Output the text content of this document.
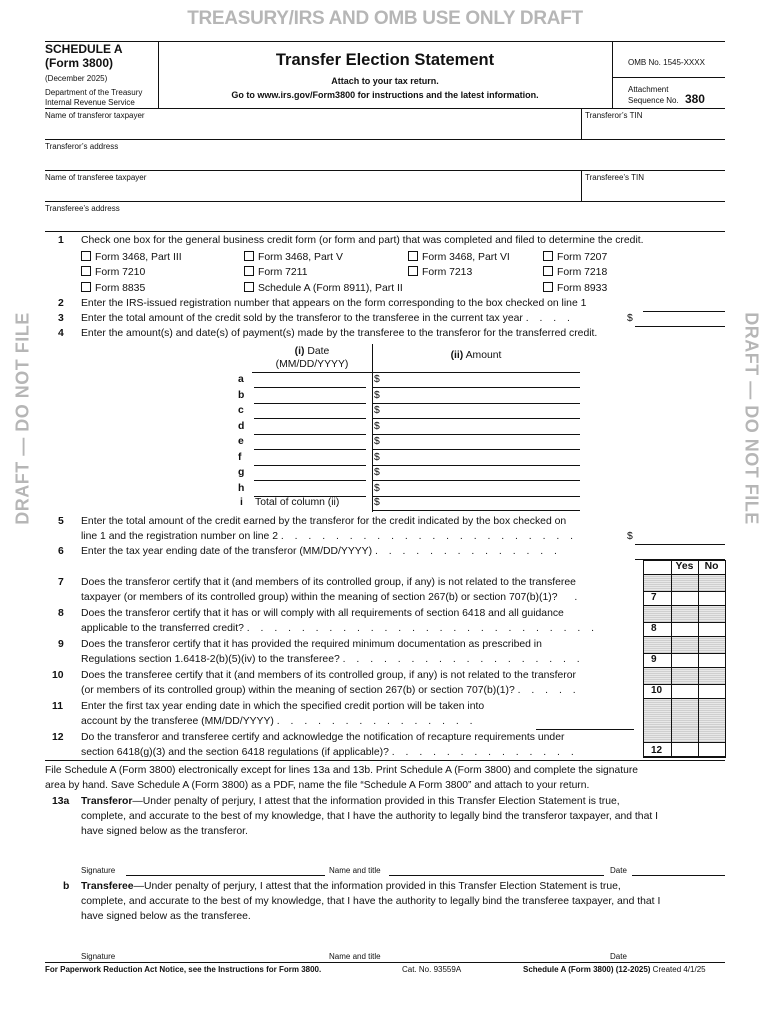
TREASURY/IRS AND OMB USE ONLY DRAFT
DRAFT — DO NOT FILE	DRAFT — DO NOT FILE
SCHEDULE A
(Form 3800)
(December 2025)
Department of the Treasury
Internal Revenue Service
Transfer Election Statement
Attach to your tax return.
Go to www.irs.gov/Form3800 for instructions and the latest information.
OMB No. 1545-XXXX
Attachment
Sequence No. 380
Name of transferor taxpayer	Transferor’s TIN
Transferor’s address
Name of transferee taxpayer	Transferee’s TIN
Transferee’s address
1 Check one box for the general business credit form (or form and part) that was completed and filed to determine the credit.
Form 3468, Part III	Form 3468, Part V	Form 3468, Part VI	Form 7207
Form 7210	Form 7211	Form 7213	Form 7218
Form 8835	Schedule A (Form 8911), Part II	Form 8933
2 Enter the IRS-issued registration number that appears on the form corresponding to the box checked on line 1
3 Enter the total amount of the credit sold by the transferor to the transferee in the current tax year . . . .	$
4 Enter the amount(s) and date(s) of payment(s) made by the transferee to the transferor for the transferred credit.
(i) Date
(MM/DD/YYYY)
(ii) Amount
a	$
b	$
c	$
d	$
e	$
f	$
g	$
h	$
i Total of column (ii)	$
5 Enter the total amount of the credit earned by the transferor for the credit indicated by the box checked on
line 1 and the registration number on line 2 . . . . . . . . . . . . . . . . . . . . . .	$
6 Enter the tax year ending date of the transferor (MM/DD/YYYY) . . . . . . . . . . . . . .
Yes	No
7 Does the transferor certify that it (and members of its controlled group, if any) is not related to the transferee
taxpayer (or members of its controlled group) within the meaning of section 267(b) or section 707(b)(1)? .	7
8 Does the transferor certify that it has or will comply with all requirements of section 6418 and all guidance
applicable to the transferred credit? . . . . . . . . . . . . . . . . . . . . . . . . . .	8
9 Does the transferor certify that it has provided the required minimum documentation as prescribed in
Regulations section 1.6418-2(b)(5)(iv) to the transferee? . . . . . . . . . . . . . . . . . .	9
10 Does the transferee certify that it (and members of its controlled group, if any) is not related to the transferor
(or members of its controlled group) within the meaning of section 267(b) or section 707(b)(1)? . . . . .	10
11 Enter the first tax year ending date in which the specified credit portion will be taken into
account by the transferee (MM/DD/YYYY) . . . . . . . . . . . . . . .
12 Do the transferor and transferee certify and acknowledge the notification of recapture requirements under
section 6418(g)(3) and the section 6418 regulations (if applicable)? . . . . . . . . . . . . . .	12
File Schedule A (Form 3800) electronically except for lines 13a and 13b. Print Schedule A (Form 3800) and complete the signature
area by hand. Save Schedule A (Form 3800) as a PDF, name the file “Schedule A Form 3800” and attach to your return.
13a Transferor—Under penalty of perjury, I attest that the information provided in this Transfer Election Statement is true,
complete, and accurate to the best of my knowledge, that I have the authority to legally bind the transferor taxpayer, and that I
have signed below as the transferor.
Signature	Name and title	Date
b Transferee—Under penalty of perjury, I attest that the information provided in this Transfer Election Statement is true,
complete, and accurate to the best of my knowledge, that I have the authority to legally bind the transferee taxpayer, and that I
have signed below as the transferee.
Signature	Name and title	Date
For Paperwork Reduction Act Notice, see the Instructions for Form 3800.	Cat. No. 93559A	Schedule A (Form 3800) (12-2025) Created 4/1/25
